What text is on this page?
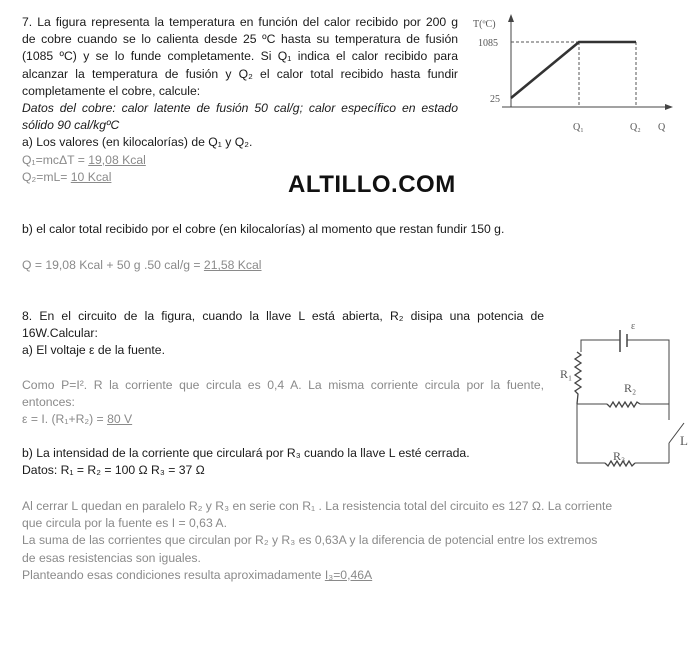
7. La figura representa la temperatura en función del calor recibido por 200 g
de cobre cuando se lo calienta desde 25 ºC hasta su temperatura de fusión
(1085 ºC) y se lo funde completamente. Si Q₁ indica el calor recibido para
alcanzar la temperatura de fusión y Q₂ el calor total recibido hasta fundir
completamente el cobre, calcule:
Datos del cobre: calor latente de fusión 50 cal/g; calor específico en estado
sólido 90 cal/kgºC
a) Los valores (en kilocalorías) de Q₁ y Q₂.
Q₁=mcΔT = 19,08 Kcal
Q₂=mL= 10 Kcal	ALTILLO.COM
b) el calor total recibido por el cobre (en kilocalorías) al momento que restan fundir 150 g.
Q = 19,08 Kcal + 50 g .50 cal/g = 21,58 Kcal
T(ºC)
1085
25
Q₁	Q₂ Q
8. En el circuito de la figura, cuando la llave L está abierta, R₂ disipa una potencia de
16W.Calcular:
a) El voltaje ε de la fuente.
Como P=I². R la corriente que circula es 0,4 A. La misma corriente circula por la fuente,
entonces:
ε = I. (R₁+R₂) = 80 V
b) La intensidad de la corriente que circulará por R₃ cuando la llave L esté cerrada.
Datos: R₁ = R₂ = 100 Ω R₃ = 37 Ω
Al cerrar L quedan en paralelo R₂ y R₃ en serie con R₁ . La resistencia total del circuito es 127 Ω. La corriente
que circula por la fuente es I = 0,63 A.
La suma de las corrientes que circulan por R₂ y R₃ es 0,63A y la diferencia de potencial entre los extremos
de esas resistencias son iguales.
Planteando esas condiciones resulta aproximadamente I₃=0,46A
ε
R₁
R₂
R₃
L
